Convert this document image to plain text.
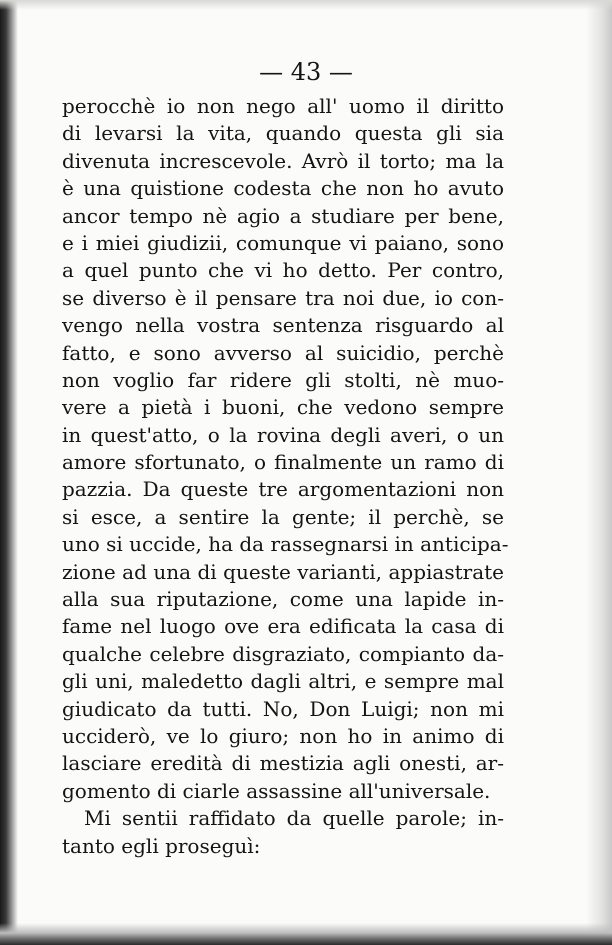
— 43 —
perocchè io non nego all' uomo il diritto
di levarsi la vita, quando questa gli sia
divenuta increscevole. Avrò il torto; ma la
è una quistione codesta che non ho avuto
ancor tempo nè agio a studiare per bene,
e i miei giudizii, comunque vi paiano, sono
a quel punto che vi ho detto. Per contro,
se diverso è il pensare tra noi due, io con-
vengo nella vostra sentenza risguardo al
fatto, e sono avverso al suicidio, perchè
non voglio far ridere gli stolti, nè muo-
vere a pietà i buoni, che vedono sempre
in quest'atto, o la rovina degli averi, o un
amore sfortunato, o finalmente un ramo di
pazzia. Da queste tre argomentazioni non
si esce, a sentire la gente; il perchè, se
uno si uccide, ha da rassegnarsi in anticipa-
zione ad una di queste varianti, appiastrate
alla sua riputazione, come una lapide in-
fame nel luogo ove era edificata la casa di
qualche celebre disgraziato, compianto da-
gli uni, maledetto dagli altri, e sempre mal
giudicato da tutti. No, Don Luigi; non mi
ucciderò, ve lo giuro; non ho in animo di
lasciare eredità di mestizia agli onesti, ar-
gomento di ciarle assassine all'universale.
Mi sentii raffidato da quelle parole; in-
tanto egli proseguì:
